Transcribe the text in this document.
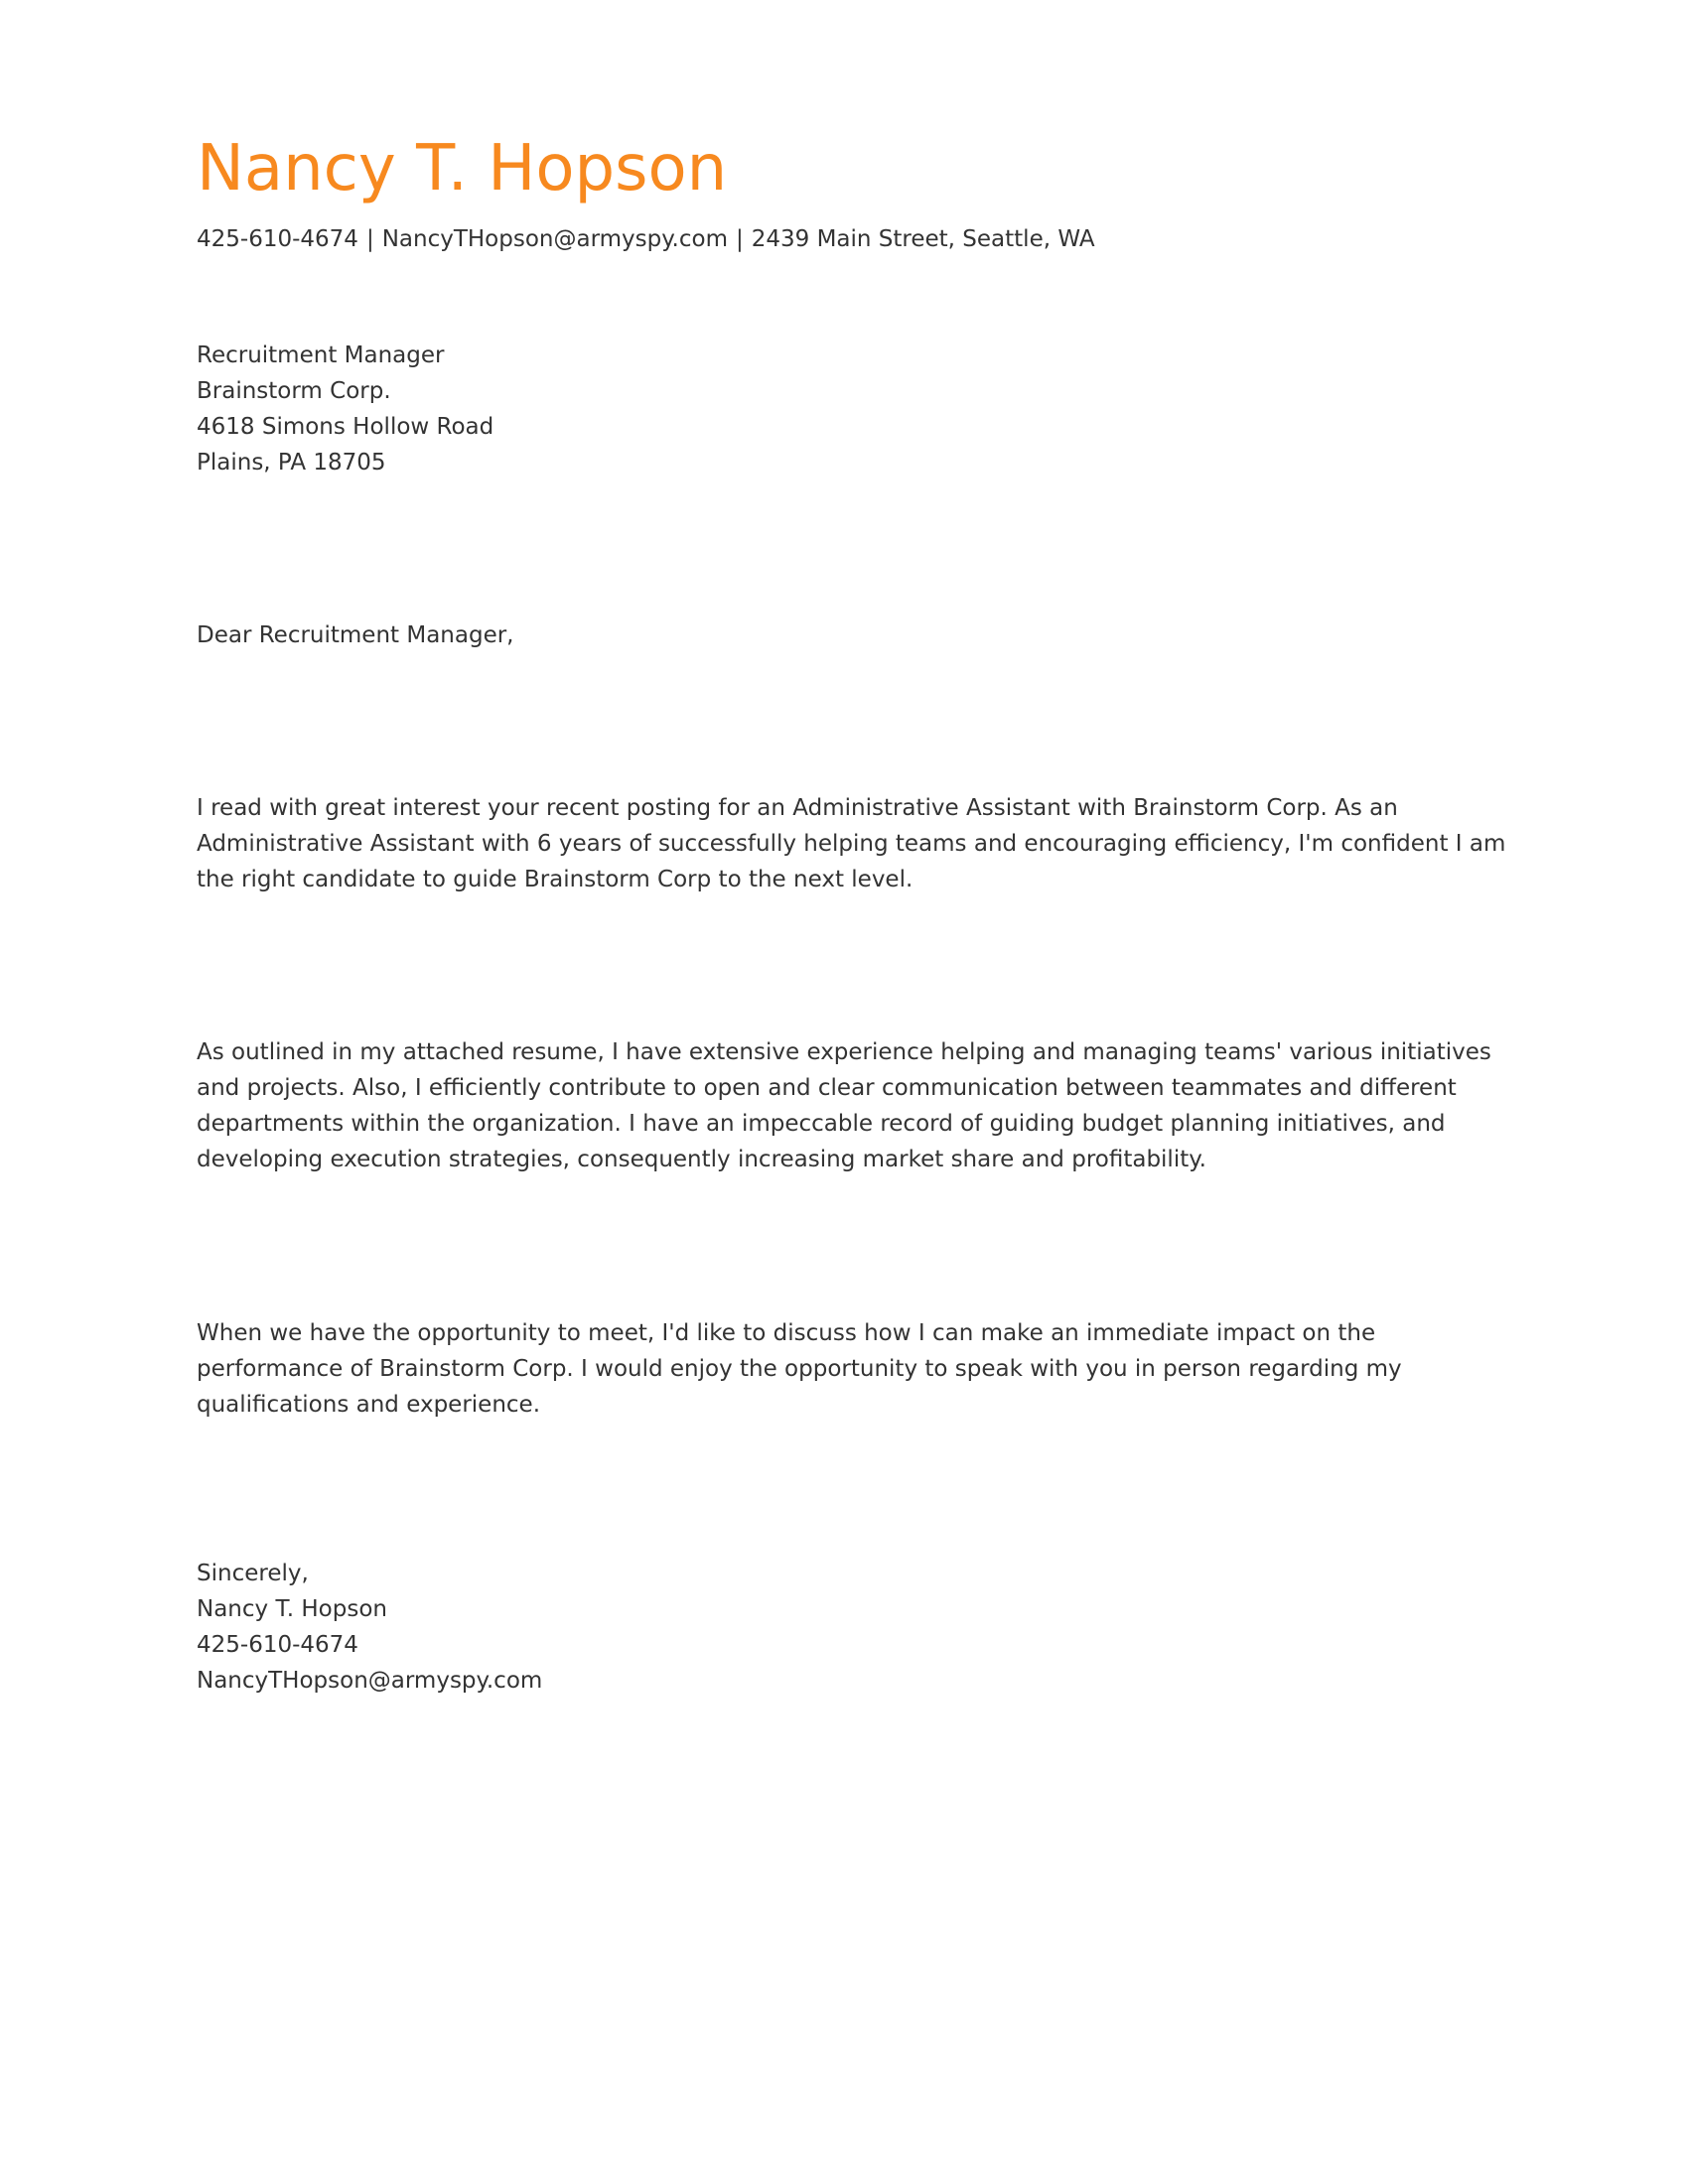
Nancy T. Hopson
425-610-4674 | NancyTHopson@armyspy.com | 2439 Main Street, Seattle, WA
Recruitment Manager
Brainstorm Corp.
4618 Simons Hollow Road
Plains, PA 18705
Dear Recruitment Manager,

I read with great interest your recent posting for an Administrative Assistant with Brainstorm Corp. As an Administrative Assistant with 6 years of successfully helping teams and encouraging efficiency, I'm confident I am the right candidate to guide Brainstorm Corp to the next level.

As outlined in my attached resume, I have extensive experience helping and managing teams' various initiatives and projects. Also, I efficiently contribute to open and clear communication between teammates and different departments within the organization. I have an impeccable record of guiding budget planning initiatives, and developing execution strategies, consequently increasing market share and profitability.

When we have the opportunity to meet, I'd like to discuss how I can make an immediate impact on the performance of Brainstorm Corp. I would enjoy the opportunity to speak with you in person regarding my qualifications and experience.

Sincerely,
Nancy T. Hopson
425-610-4674
NancyTHopson@armyspy.com
